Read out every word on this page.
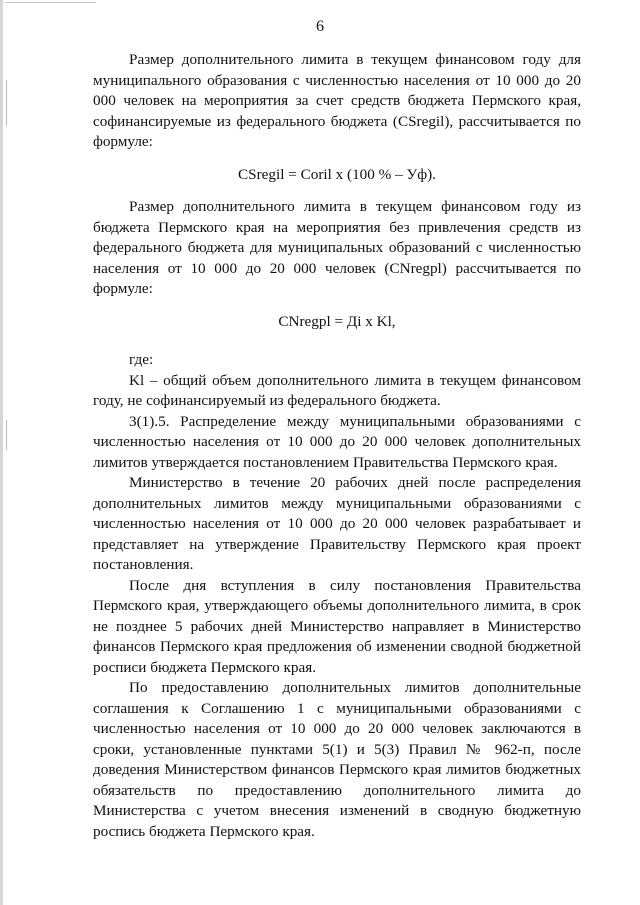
6

Размер дополнительного лимита в текущем финансовом году для муниципального образования с численностью населения от 10 000 до 20 000 человек на мероприятия за счет средств бюджета Пермского края, софинансируемые из федерального бюджета (CSregil), рассчитывается по формуле:

CSregil = Coril x (100 % – Уф).

Размер дополнительного лимита в текущем финансовом году из бюджета Пермского края на мероприятия без привлечения средств из федерального бюджета для муниципальных образований с численностью населения от 10 000 до 20 000 человек (CNregpl) рассчитывается по формуле:

CNregpl = Дi x Kl,

где:

Kl – общий объем дополнительного лимита в текущем финансовом году, не софинансируемый из федерального бюджета.

3(1).5. Распределение между муниципальными образованиями с численностью населения от 10 000 до 20 000 человек дополнительных лимитов утверждается постановлением Правительства Пермского края.

Министерство в течение 20 рабочих дней после распределения дополнительных лимитов между муниципальными образованиями с численностью населения от 10 000 до 20 000 человек разрабатывает и представляет на утверждение Правительству Пермского края проект постановления.

После дня вступления в силу постановления Правительства Пермского края, утверждающего объемы дополнительного лимита, в срок не позднее 5 рабочих дней Министерство направляет в Министерство финансов Пермского края предложения об изменении сводной бюджетной росписи бюджета Пермского края.

По предоставлению дополнительных лимитов дополнительные соглашения к Соглашению 1 с муниципальными образованиями с численностью населения от 10 000 до 20 000 человек заключаются в сроки, установленные пунктами 5(1) и 5(3) Правил № 962-п, после доведения Министерством финансов Пермского края лимитов бюджетных обязательств по предоставлению дополнительного лимита до Министерства с учетом внесения изменений в сводную бюджетную роспись бюджета Пермского края.
